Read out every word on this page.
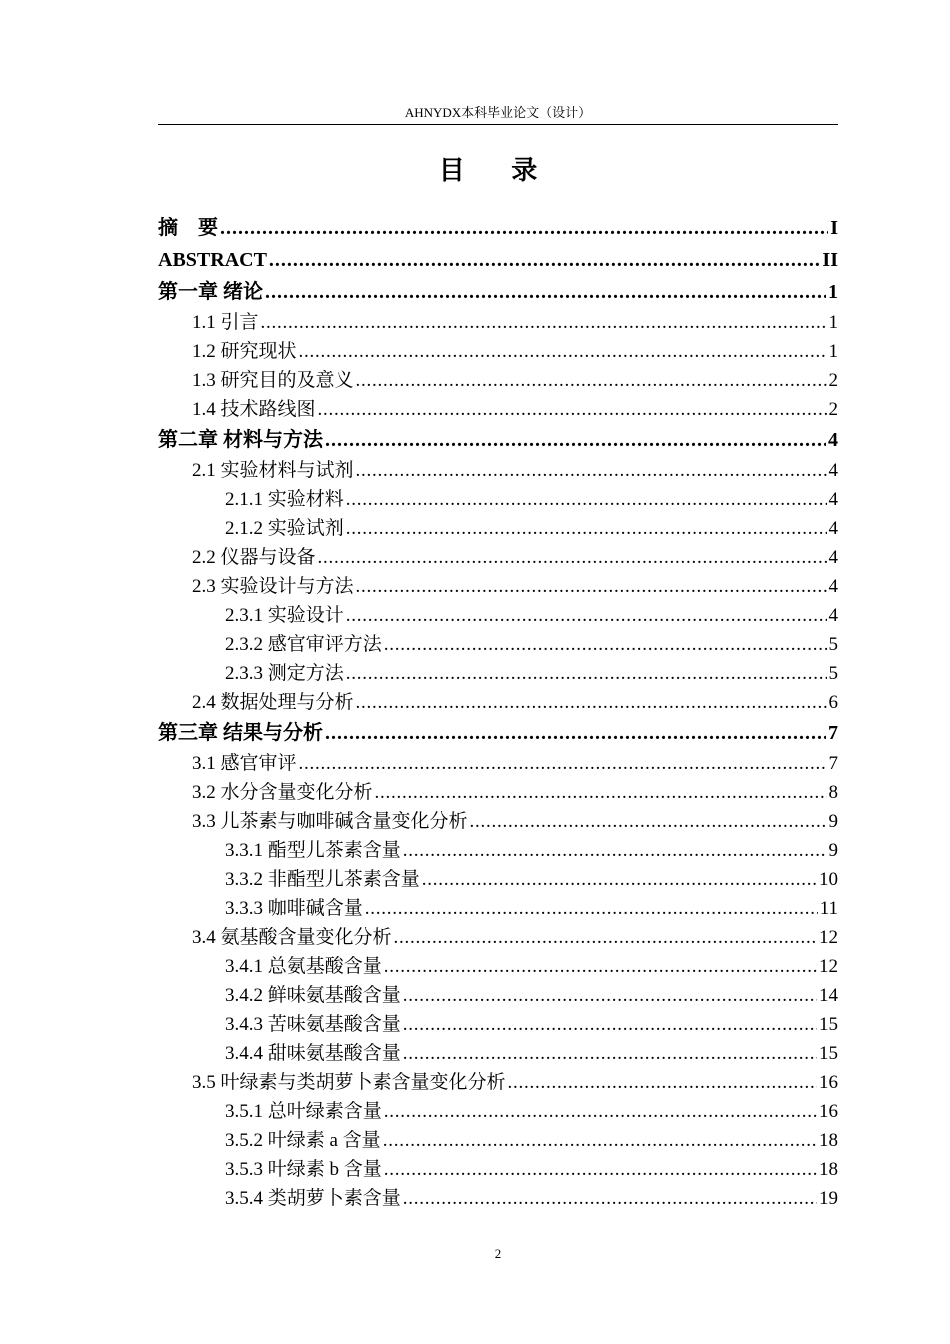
AHNYDX本科毕业论文（设计）
目 录
摘　要 . . .	I
ABSTRACT . . .	II
第一章 绪论 . . .	1
1.1 引言 . . .	1
1.2 研究现状 . . .	1
1.3 研究目的及意义 . . .	2
1.4 技术路线图 . . .	2
第二章 材料与方法 . . .	4
2.1 实验材料与试剂 . . .	4
2.1.1 实验材料 . . .	4
2.1.2 实验试剂 . . .	4
2.2 仪器与设备 . . .	4
2.3 实验设计与方法 . . .	4
2.3.1 实验设计 . . .	4
2.3.2 感官审评方法 . . .	5
2.3.3 测定方法 . . .	5
2.4 数据处理与分析 . . .	6
第三章 结果与分析 . . .	7
3.1 感官审评 . . .	7
3.2 水分含量变化分析 . . .	8
3.3 儿茶素与咖啡碱含量变化分析 . . .	9
3.3.1 酯型儿茶素含量 . . .	9
3.3.2 非酯型儿茶素含量 . . .	10
3.3.3 咖啡碱含量 . . .	11
3.4 氨基酸含量变化分析 . . .	12
3.4.1 总氨基酸含量 . . .	12
3.4.2 鲜味氨基酸含量 . . .	14
3.4.3 苦味氨基酸含量 . . .	15
3.4.4 甜味氨基酸含量 . . .	15
3.5 叶绿素与类胡萝卜素含量变化分析 . . .	16
3.5.1 总叶绿素含量 . . .	16
3.5.2 叶绿素 a 含量 . . .	18
3.5.3 叶绿素 b 含量 . . .	18
3.5.4 类胡萝卜素含量 . . .	19
2
